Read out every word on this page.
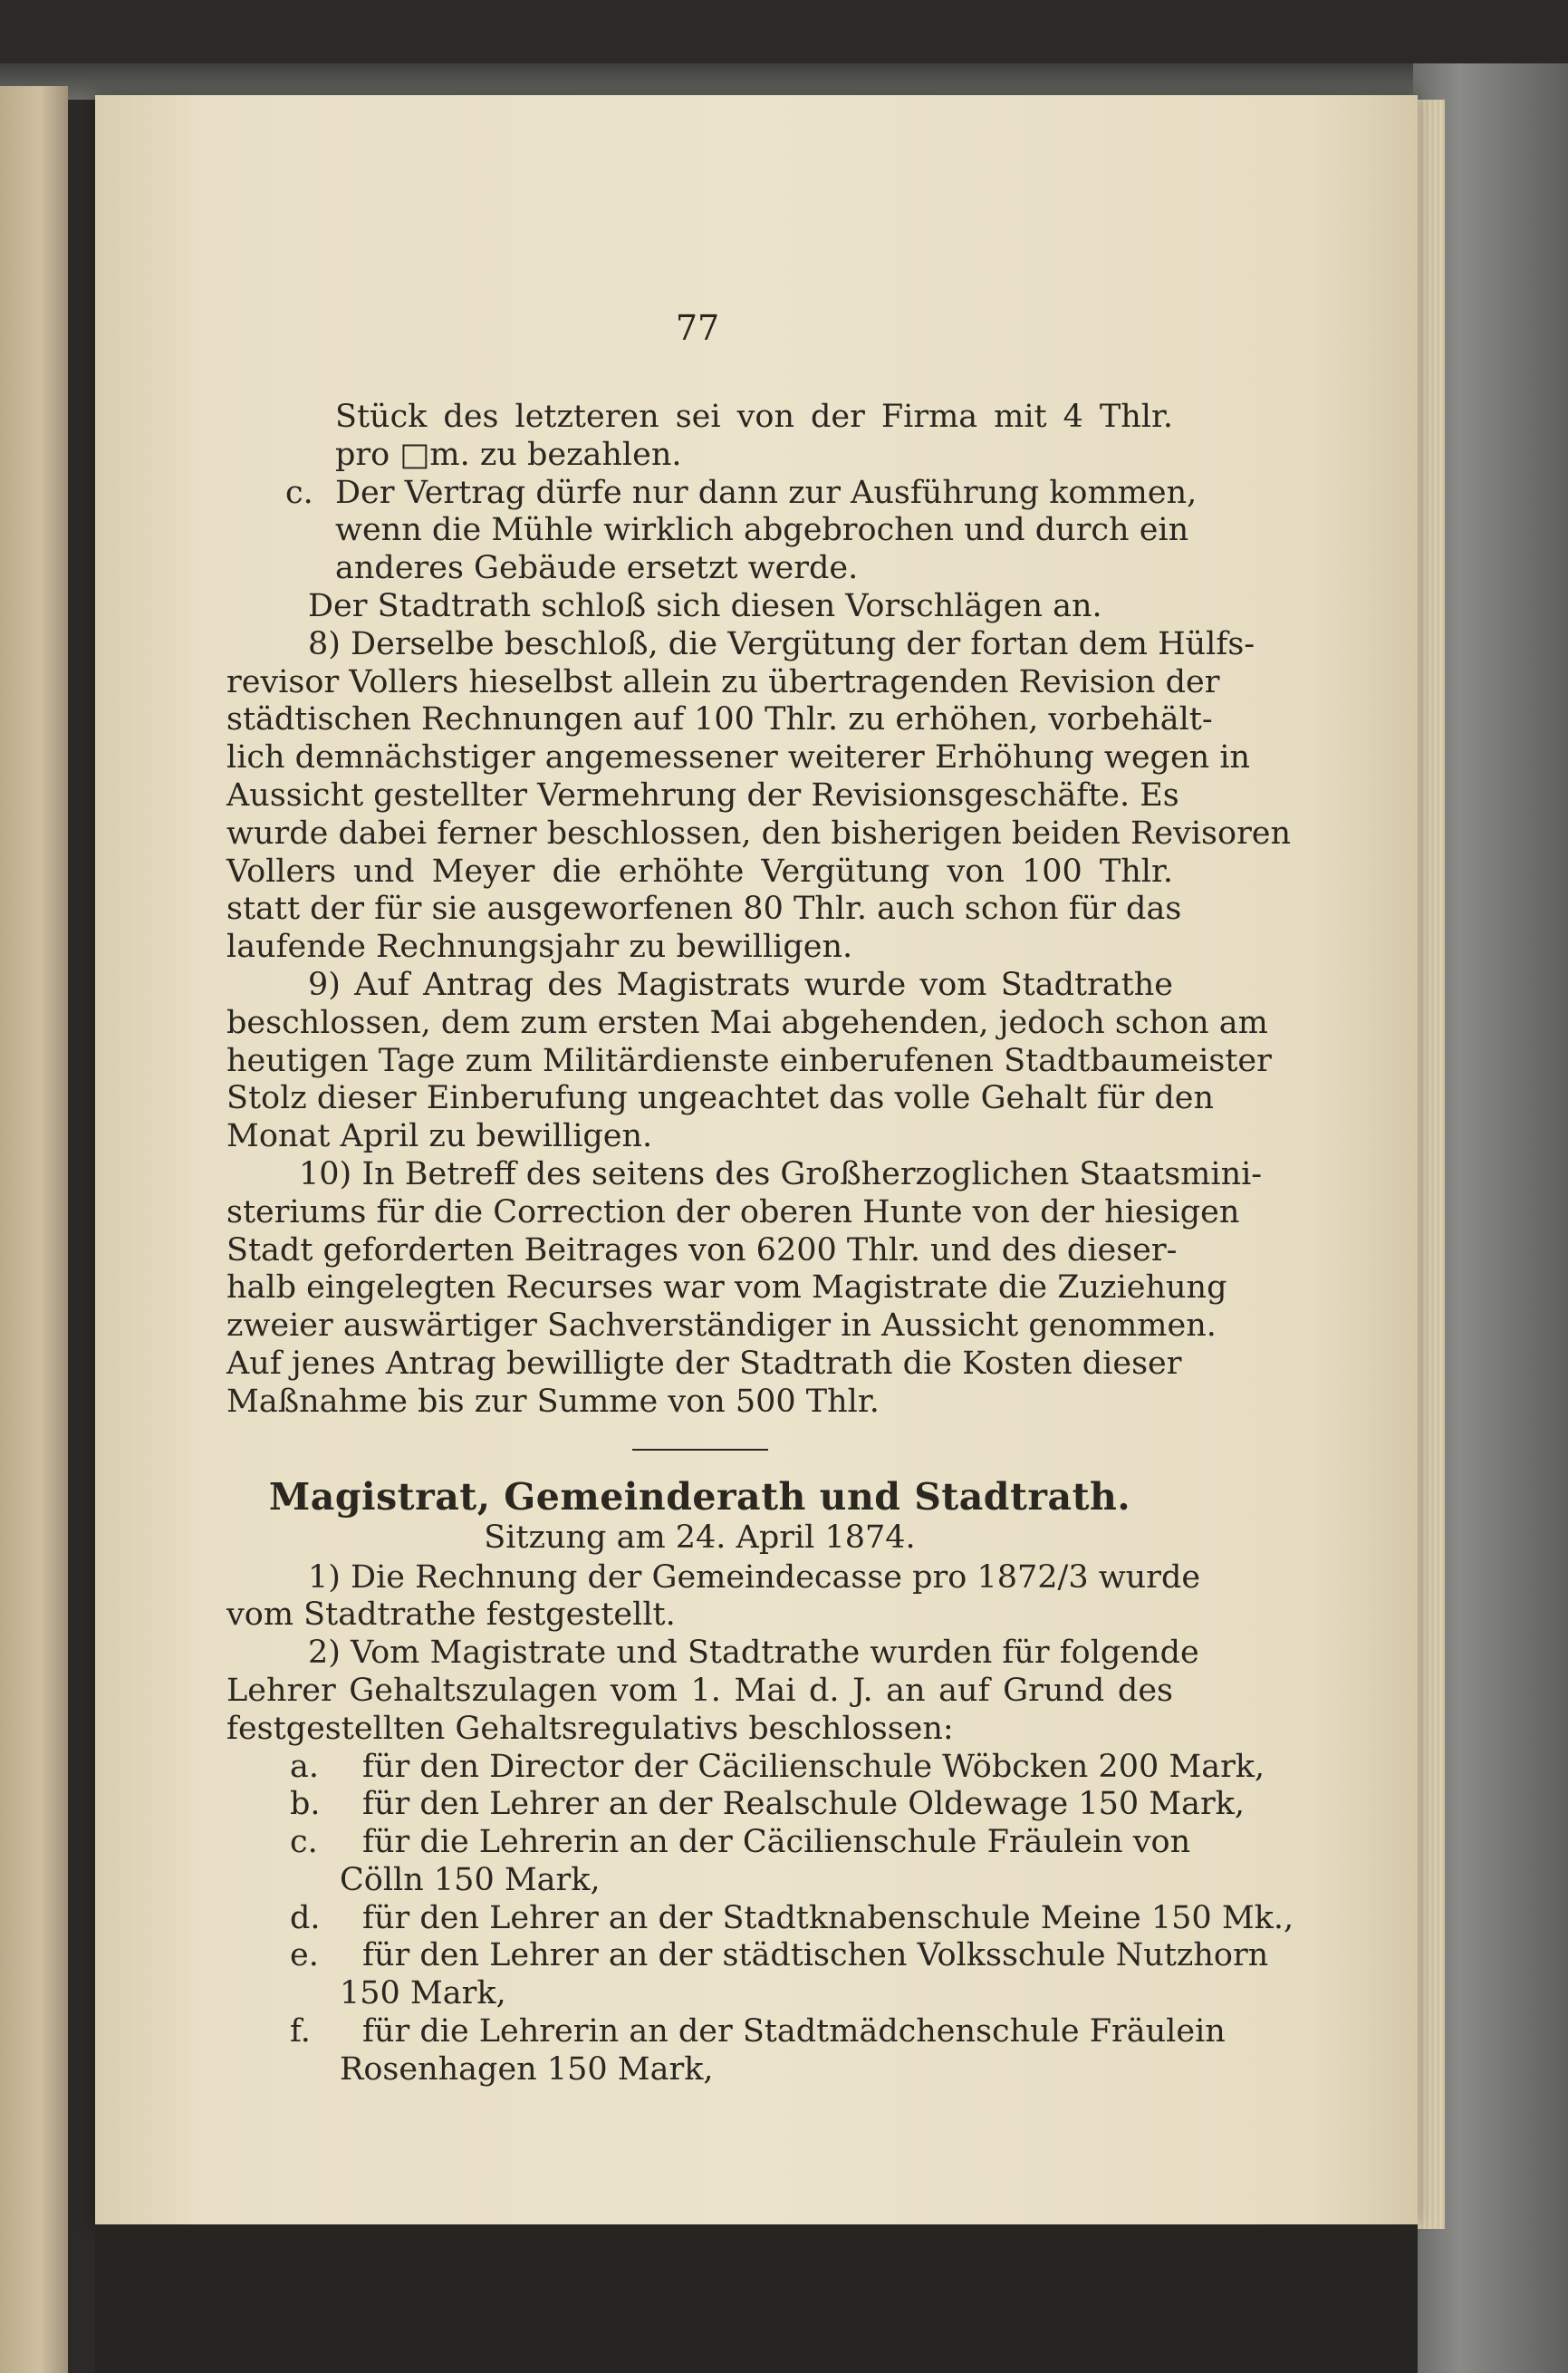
77
Stück des letzteren sei von der Firma mit 4 Thlr.
pro □m. zu bezahlen.
c. Der Vertrag dürfe nur dann zur Ausführung kommen,
wenn die Mühle wirklich abgebrochen und durch ein
anderes Gebäude ersetzt werde.
Der Stadtrath schloß sich diesen Vorschlägen an.
8) Derselbe beschloß, die Vergütung der fortan dem Hülfs-
revisor Vollers hieselbst allein zu übertragenden Revision der
städtischen Rechnungen auf 100 Thlr. zu erhöhen, vorbehält-
lich demnächstiger angemessener weiterer Erhöhung wegen in
Aussicht gestellter Vermehrung der Revisionsgeschäfte. Es
wurde dabei ferner beschlossen, den bisherigen beiden Revisoren
Vollers und Meyer die erhöhte Vergütung von 100 Thlr.
statt der für sie ausgeworfenen 80 Thlr. auch schon für das
laufende Rechnungsjahr zu bewilligen.
9) Auf Antrag des Magistrats wurde vom Stadtrathe
beschlossen, dem zum ersten Mai abgehenden, jedoch schon am
heutigen Tage zum Militärdienste einberufenen Stadtbaumeister
Stolz dieser Einberufung ungeachtet das volle Gehalt für den
Monat April zu bewilligen.
10) In Betreff des seitens des Großherzoglichen Staatsmini-
steriums für die Correction der oberen Hunte von der hiesigen
Stadt geforderten Beitrages von 6200 Thlr. und des dieser-
halb eingelegten Recurses war vom Magistrate die Zuziehung
zweier auswärtiger Sachverständiger in Aussicht genommen.
Auf jenes Antrag bewilligte der Stadtrath die Kosten dieser
Maßnahme bis zur Summe von 500 Thlr.
Magistrat, Gemeinderath und Stadtrath.
Sitzung am 24. April 1874.
1) Die Rechnung der Gemeindecasse pro 1872/3 wurde
vom Stadtrathe festgestellt.
2) Vom Magistrate und Stadtrathe wurden für folgende
Lehrer Gehaltszulagen vom 1. Mai d. J. an auf Grund des
festgestellten Gehaltsregulativs beschlossen:
a.	für den Director der Cäcilienschule Wöbcken 200 Mark,
b.	für den Lehrer an der Realschule Oldewage 150 Mark,
c.	für die Lehrerin an der Cäcilienschule Fräulein von
Cölln 150 Mark,
d.	für den Lehrer an der Stadtknabenschule Meine 150 Mk.,
e.	für den Lehrer an der städtischen Volksschule Nutzhorn
150 Mark,
f.	für die Lehrerin an der Stadtmädchenschule Fräulein
Rosenhagen 150 Mark,
